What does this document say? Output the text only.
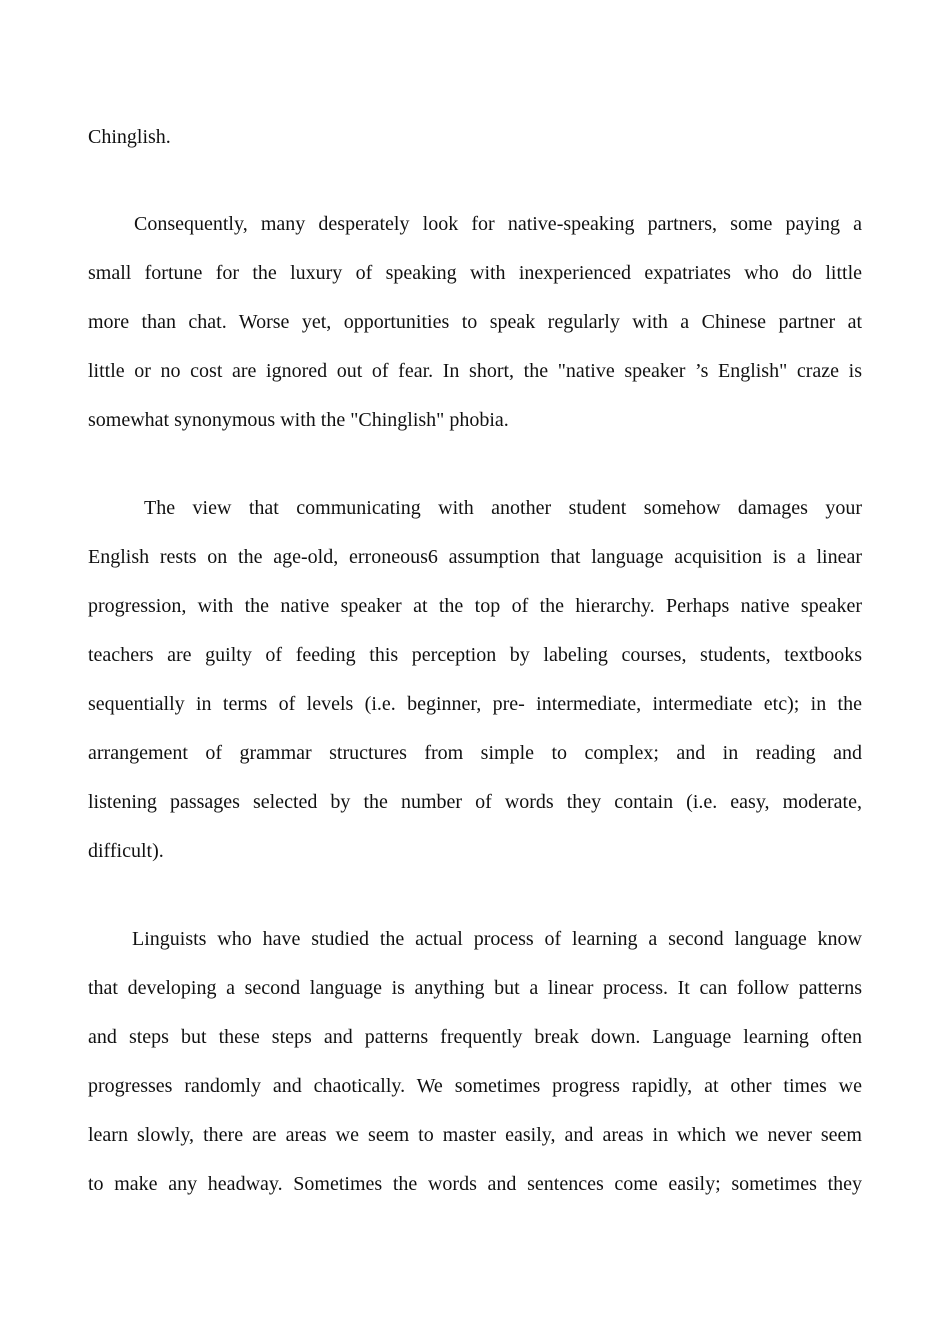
Chinglish.

Consequently, many desperately look for native-speaking partners, some paying a

small fortune for the luxury of speaking with inexperienced expatriates who do little

more than chat. Worse yet, opportunities to speak regularly with a Chinese partner at

little or no cost are ignored out of fear. In short, the "native speaker ’s English" craze is

somewhat synonymous with the "Chinglish" phobia.

The view that communicating with another student somehow damages your

English rests on the age-old, erroneous6 assumption that language acquisition is a linear

progression, with the native speaker at the top of the hierarchy. Perhaps native speaker

teachers are guilty of feeding this perception by labeling courses, students, textbooks

sequentially in terms of levels (i.e. beginner, pre- intermediate, intermediate etc); in the

arrangement of grammar structures from simple to complex; and in reading and

listening passages selected by the number of words they contain (i.e. easy, moderate,

difficult).

Linguists who have studied the actual process of learning a second language know

that developing a second language is anything but a linear process. It can follow patterns

and steps but these steps and patterns frequently break down. Language learning often

progresses randomly and chaotically. We sometimes progress rapidly, at other times we

learn slowly, there are areas we seem to master easily, and areas in which we never seem

to make any headway. Sometimes the words and sentences come easily; sometimes they
